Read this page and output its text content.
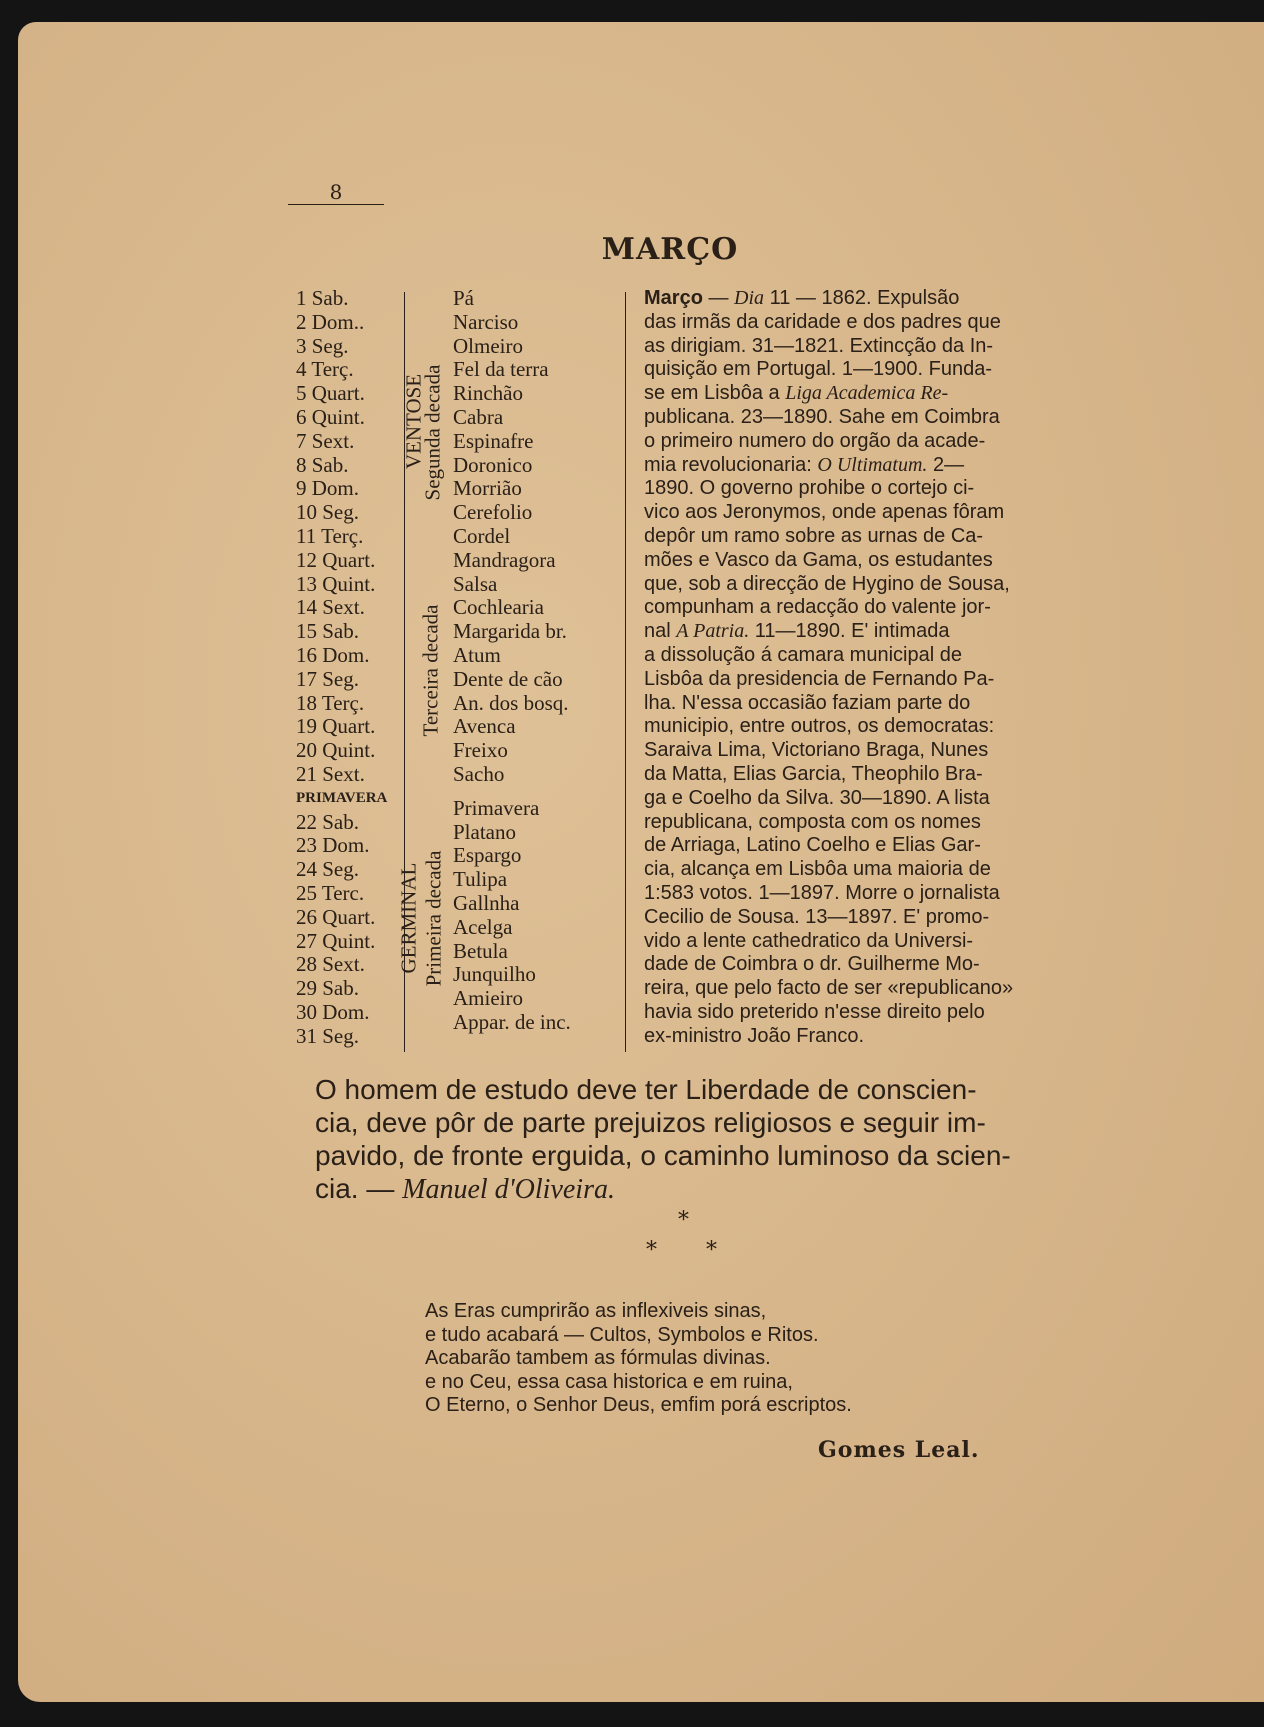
8
MARÇO
1 Sab.
2 Dom..
3 Seg.
4 Terç.
5 Quart.
6 Quint.
7 Sext.
8 Sab.
9 Dom.
10 Seg.
11 Terç.
12 Quart.
13 Quint.
14 Sext.
15 Sab.
16 Dom.
17 Seg.
18 Terç.
19 Quart.
20 Quint.
21 Sext.
PRIMAVERA
22 Sab.
23 Dom.
24 Seg.
25 Terc.
26 Quart.
27 Quint.
28 Sext.
29 Sab.
30 Dom.
31 Seg.
VENTOSE
Segunda decada
Terceira decada
GERMINAL Primeira decada
Pá
Narciso
Olmeiro
Fel da terra
Rinchão
Cabra
Espinafre
Doronico
Morrião
Cerefolio
Cordel
Mandragora
Salsa
Cochlearia
Margarida br.
Atum
Dente de cão
An. dos bosq.
Avenca
Freixo
Sacho
Primavera
Platano
Espargo
Tulipa
Gallnha
Acelga
Betula
Junquilho
Amieiro
Appar. de inc.
Março — Dia 11 — 1862. Expulsão
das irmãs da caridade e dos padres que
as dirigiam. 31—1821. Extincção da In-
quisição em Portugal. 1—1900. Funda-
se em Lisbôa a Liga Academica Re-
publicana. 23—1890. Sahe em Coimbra
o primeiro numero do orgão da acade-
mia revolucionaria: O Ultimatum. 2—
1890. O governo prohibe o cortejo ci-
vico aos Jeronymos, onde apenas fôram
depôr um ramo sobre as urnas de Ca-
mões e Vasco da Gama, os estudantes
que, sob a direcção de Hygino de Sousa,
compunham a redacção do valente jor-
nal A Patria. 11—1890. E' intimada
a dissolução á camara municipal de
Lisbôa da presidencia de Fernando Pa-
lha. N'essa occasião faziam parte do
municipio, entre outros, os democratas:
Saraiva Lima, Victoriano Braga, Nunes
da Matta, Elias Garcia, Theophilo Bra-
ga e Coelho da Silva. 30—1890. A lista
republicana, composta com os nomes
de Arriaga, Latino Coelho e Elias Gar-
cia, alcança em Lisbôa uma maioria de
1:583 votos. 1—1897. Morre o jornalista
Cecilio de Sousa. 13—1897. E' promo-
vido a lente cathedratico da Universi-
dade de Coimbra o dr. Guilherme Mo-
reira, que pelo facto de ser «republicano»
havia sido preterido n'esse direito pelo
ex-ministro João Franco.
O homem de estudo deve ter Liberdade de conscien-
cia, deve pôr de parte prejuizos religiosos e seguir im-
pavido, de fronte erguida, o caminho luminoso da scien-
cia. — Manuel d'Oliveira.
*
* *
As Eras cumprirão as inflexiveis sinas,
e tudo acabará — Cultos, Symbolos e Ritos.
Acabarão tambem as fórmulas divinas.
e no Ceu, essa casa historica e em ruina,
O Eterno, o Senhor Deus, emfim porá escriptos.
Gomes Leal.
